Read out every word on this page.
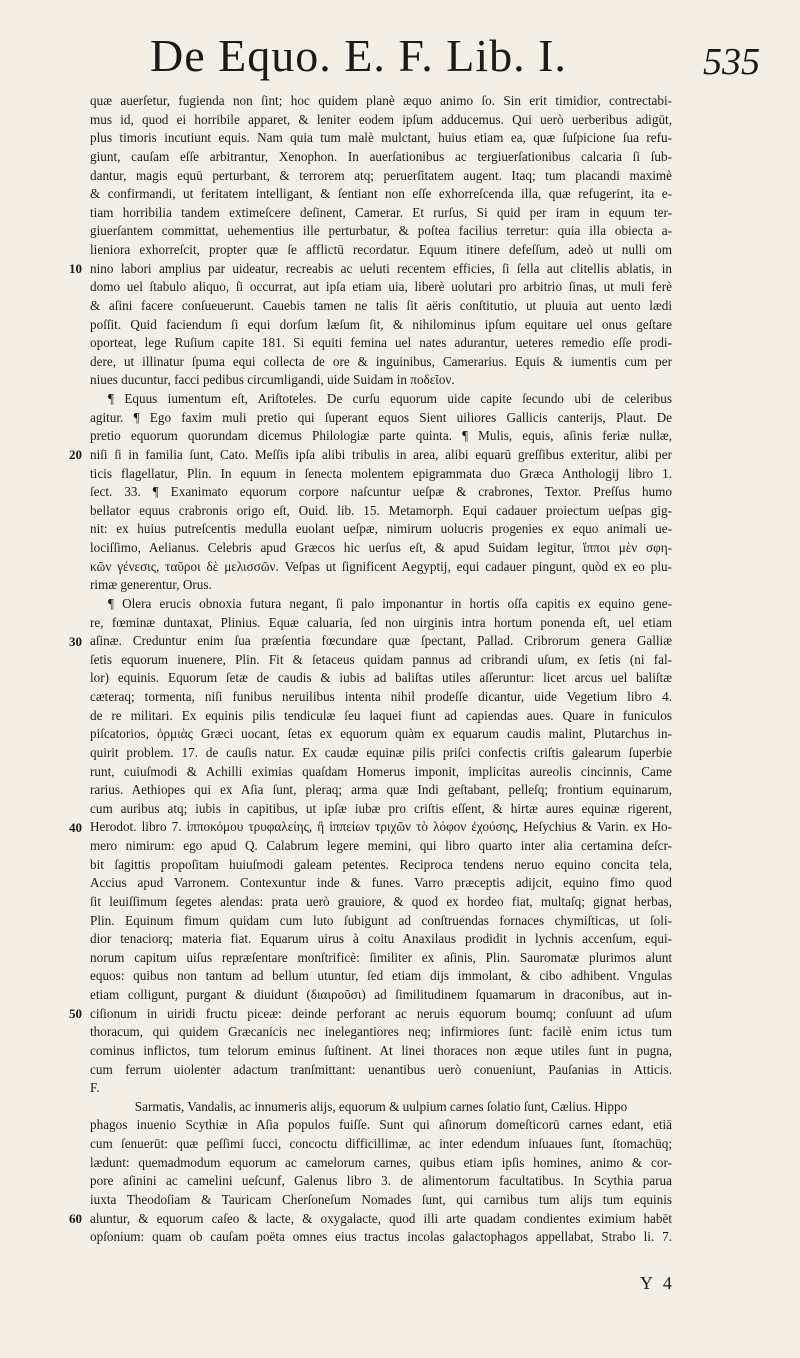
De Equo. E. F. Lib. I.	535
quæ auerſetur, fugienda non ſint; hoc quidem planè æquo animo ſo. Sin erit timidior, contrectabi-
mus id, quod ei horribile apparet, & leniter eodem ipſum adducemus. Qui uerò uerberibus adigūt,
plus timoris incutiunt equis. Nam quia tum malè mulctant, huius etiam ea, quæ ſuſpicione ſua refu-
giunt, cauſam eſſe arbitrantur, Xenophon. In auerſationibus ac tergiuerſationibus calcaria ſi ſub-
dantur, magis equū perturbant, & terrorem atq; peruerſitatem augent. Itaq; tum placandi maximè
& confirmandi, ut feritatem intelligant, & ſentiant non eſſe exhorreſcenda illa, quæ refugerint, ita e-
tiam horribilia tandem extimeſcere deſinent, Camerar. Et rurſus, Si quid per iram in equum ter-
giuerſantem committat, uehementius ille perturbatur, & poſtea facilius terretur: quia illa obiecta a-
lieniora exhorreſcit, propter quæ ſe afflictū recordatur. Equum itinere defeſſum, adeò ut nulli om
nino labori amplius par uideatur, recreabis ac ueluti recentem efficies, ſi ſella aut clitellis ablatis, in
domo uel ſtabulo aliquo, ſi occurrat, aut ipſa etiam uia, liberè uolutari pro arbitrio ſinas, ut muli ferè
& aſini facere conſueuerunt. Cauebis tamen ne talis ſit aëris conſtitutio, ut pluuia aut uento lædi
poſſit. Quid faciendum ſi equi dorſum læſum ſit, & nihilominus ipſum equitare uel onus geſtare
oporteat, lege Ruſium capite 181. Si equiti femina uel nates adurantur, ueteres remedio eſſe prodi-
dere, ut illinatur ſpuma equi collecta de ore & inguinibus, Camerarius. Equis & iumentis cum per
niues ducuntur, facci pedibus circumligandi, uide Suidam in ποδεῖον.
¶ Equus iumentum eſt, Ariſtoteles. De curſu equorum uide capite ſecundo ubi de celeribus
agitur. ¶ Ego faxim muli pretio qui ſuperant equos Sient uiliores Gallicis canterijs, Plaut. De
pretio equorum quorundam dicemus Philologiæ parte quinta. ¶ Mulis, equis, aſinis feriæ nullæ,
niſi ſi in familia ſunt, Cato. Meſſis ipſa alibi tribulis in area, alibi equarū greſſibus exteritur, alibi per
ticis flagellatur, Plin. In equum in ſenecta molentem epigrammata duo Græca Anthologij libro 1.
ſect. 33. ¶ Exanimato equorum corpore naſcuntur ueſpæ & crabrones, Textor. Preſſus humo
bellator equus crabronis origo eſt, Ouid. lib. 15. Metamorph. Equi cadauer proiectum ueſpas gig-
nit: ex huius putreſcentis medulla euolant ueſpæ, nimirum uolucris progenies ex equo animali ue-
lociſſimo, Aelianus. Celebris apud Græcos hic uerſus eſt, & apud Suidam legitur, ἵπποι μὲν σφη-
κῶν γένεσις, ταῦροι δὲ μελισσῶν. Veſpas ut ſignificent Aegyptij, equi cadauer pingunt, quòd ex eo plu-
rimæ generentur, Orus.
¶ Olera erucis obnoxia futura negant, ſi palo imponantur in hortis oſſa capitis ex equino gene-
re, fœminæ duntaxat, Plinius. Equæ caluaria, ſed non uirginis intra hortum ponenda eſt, uel etiam
aſinæ. Creduntur enim ſua præſentia fœcundare quæ ſpectant, Pallad. Cribrorum genera Galliæ
ſetis equorum inuenere, Plin. Fit & ſetaceus quidam pannus ad cribrandi uſum, ex ſetis (ni fal-
lor) equinis. Equorum ſetæ de caudis & iubis ad baliſtas utiles aſſeruntur: licet arcus uel baliſtæ
cæteraq; tormenta, niſi funibus neruilibus intenta nihil prodeſſe dicantur, uide Vegetium libro 4.
de re militari. Ex equinis pilis tendiculæ ſeu laquei fiunt ad capiendas aues. Quare in funiculos
piſcatorios, ὁρμιὰς Græci uocant, ſetas ex equorum quàm ex equarum caudis malint, Plutarchus in-
quirit problem. 17. de cauſis natur. Ex caudæ equinæ pilis priſci confectis criſtis galearum ſuperbie
runt, cuiuſmodi & Achilli eximias quaſdam Homerus imponit, implicitas aureolis cincinnis, Came
rarius. Aethiopes qui ex Aſia ſunt, pleraq; arma quæ Indi geſtabant, pelleſq; frontium equinarum,
cum auribus atq; iubis in capitibus, ut ipſæ iubæ pro criſtis eſſent, & hirtæ aures equinæ rigerent,
Herodot. libro 7. ἱπποκόμου τρυφαλείης, ἢ ἱππείων τριχῶν τὸ λόφον ἐχούσης, Heſychius & Varin. ex Ho-
mero nimirum: ego apud Q. Calabrum legere memini, qui libro quarto inter alia certamina deſcr-
bit ſagittis propoſitam huiuſmodi galeam petentes. Reciproca tendens neruo equino concita tela,
Accius apud Varronem. Contexuntur inde & funes. Varro præceptis adijcit, equino fimo quod
ſit leuiſſimum ſegetes alendas: prata uerò grauiore, & quod ex hordeo fiat, multaſq; gignat herbas,
Plin. Equinum fimum quidam cum luto ſubigunt ad conſtruendas fornaces chymiſticas, ut ſoli-
dior tenaciorq; materia fiat. Equarum uirus à coitu Anaxilaus prodidit in lychnis accenſum, equi-
norum capitum uiſus repræſentare monſtrificè: ſimiliter ex aſinis, Plin. Sauromatæ plurimos alunt
equos: quibus non tantum ad bellum utuntur, ſed etiam dijs immolant, & cibo adhibent. Vngulas
etiam colligunt, purgant & diuidunt (διαιροῦσι) ad ſimilitudinem ſquamarum in draconibus, aut in-
ciſionum in uiridi fructu piceæ: deinde perforant ac neruis equorum boumq; conſuunt ad uſum
thoracum, qui quidem Græcanicis nec inelegantiores neq; infirmiores ſunt: facilè enim ictus tum
cominus inflictos, tum telorum eminus ſuſtinent. At linei thoraces non æque utiles ſunt in pugna,
cum ferrum uiolenter adactum tranſmittant: uenantibus uerò conueniunt, Pauſanias in Atticis.
F.
Sarmatis, Vandalis, ac innumeris alijs, equorum & uulpium carnes ſolatio ſunt, Cælius. Hippo
phagos inuenio Scythiæ in Aſia populos fuiſſe. Sunt qui aſinorum domeſticorū carnes edant, etiā
cum ſenuerūt: quæ peſſimi ſucci, concoctu difficillimæ, ac inter edendum inſuaues ſunt, ſtomachūq;
lædunt: quemadmodum equorum ac camelorum carnes, quibus etiam ipſis homines, animo & cor-
pore aſinini ac camelini ueſcunf, Galenus libro 3. de alimentorum facultatibus. In Scythia parua
iuxta Theodoſiam & Tauricam Cherſoneſum Nomades ſunt, qui carnibus tum alijs tum equinis
aluntur, & equorum caſeo & lacte, & oxygalacte, quod illi arte quadam condientes eximium habēt
opſonium: quam ob cauſam poëta omnes eius tractus incolas galactophagos appellabat, Strabo li. 7.
10
20
30
40
50
60
Y 4
